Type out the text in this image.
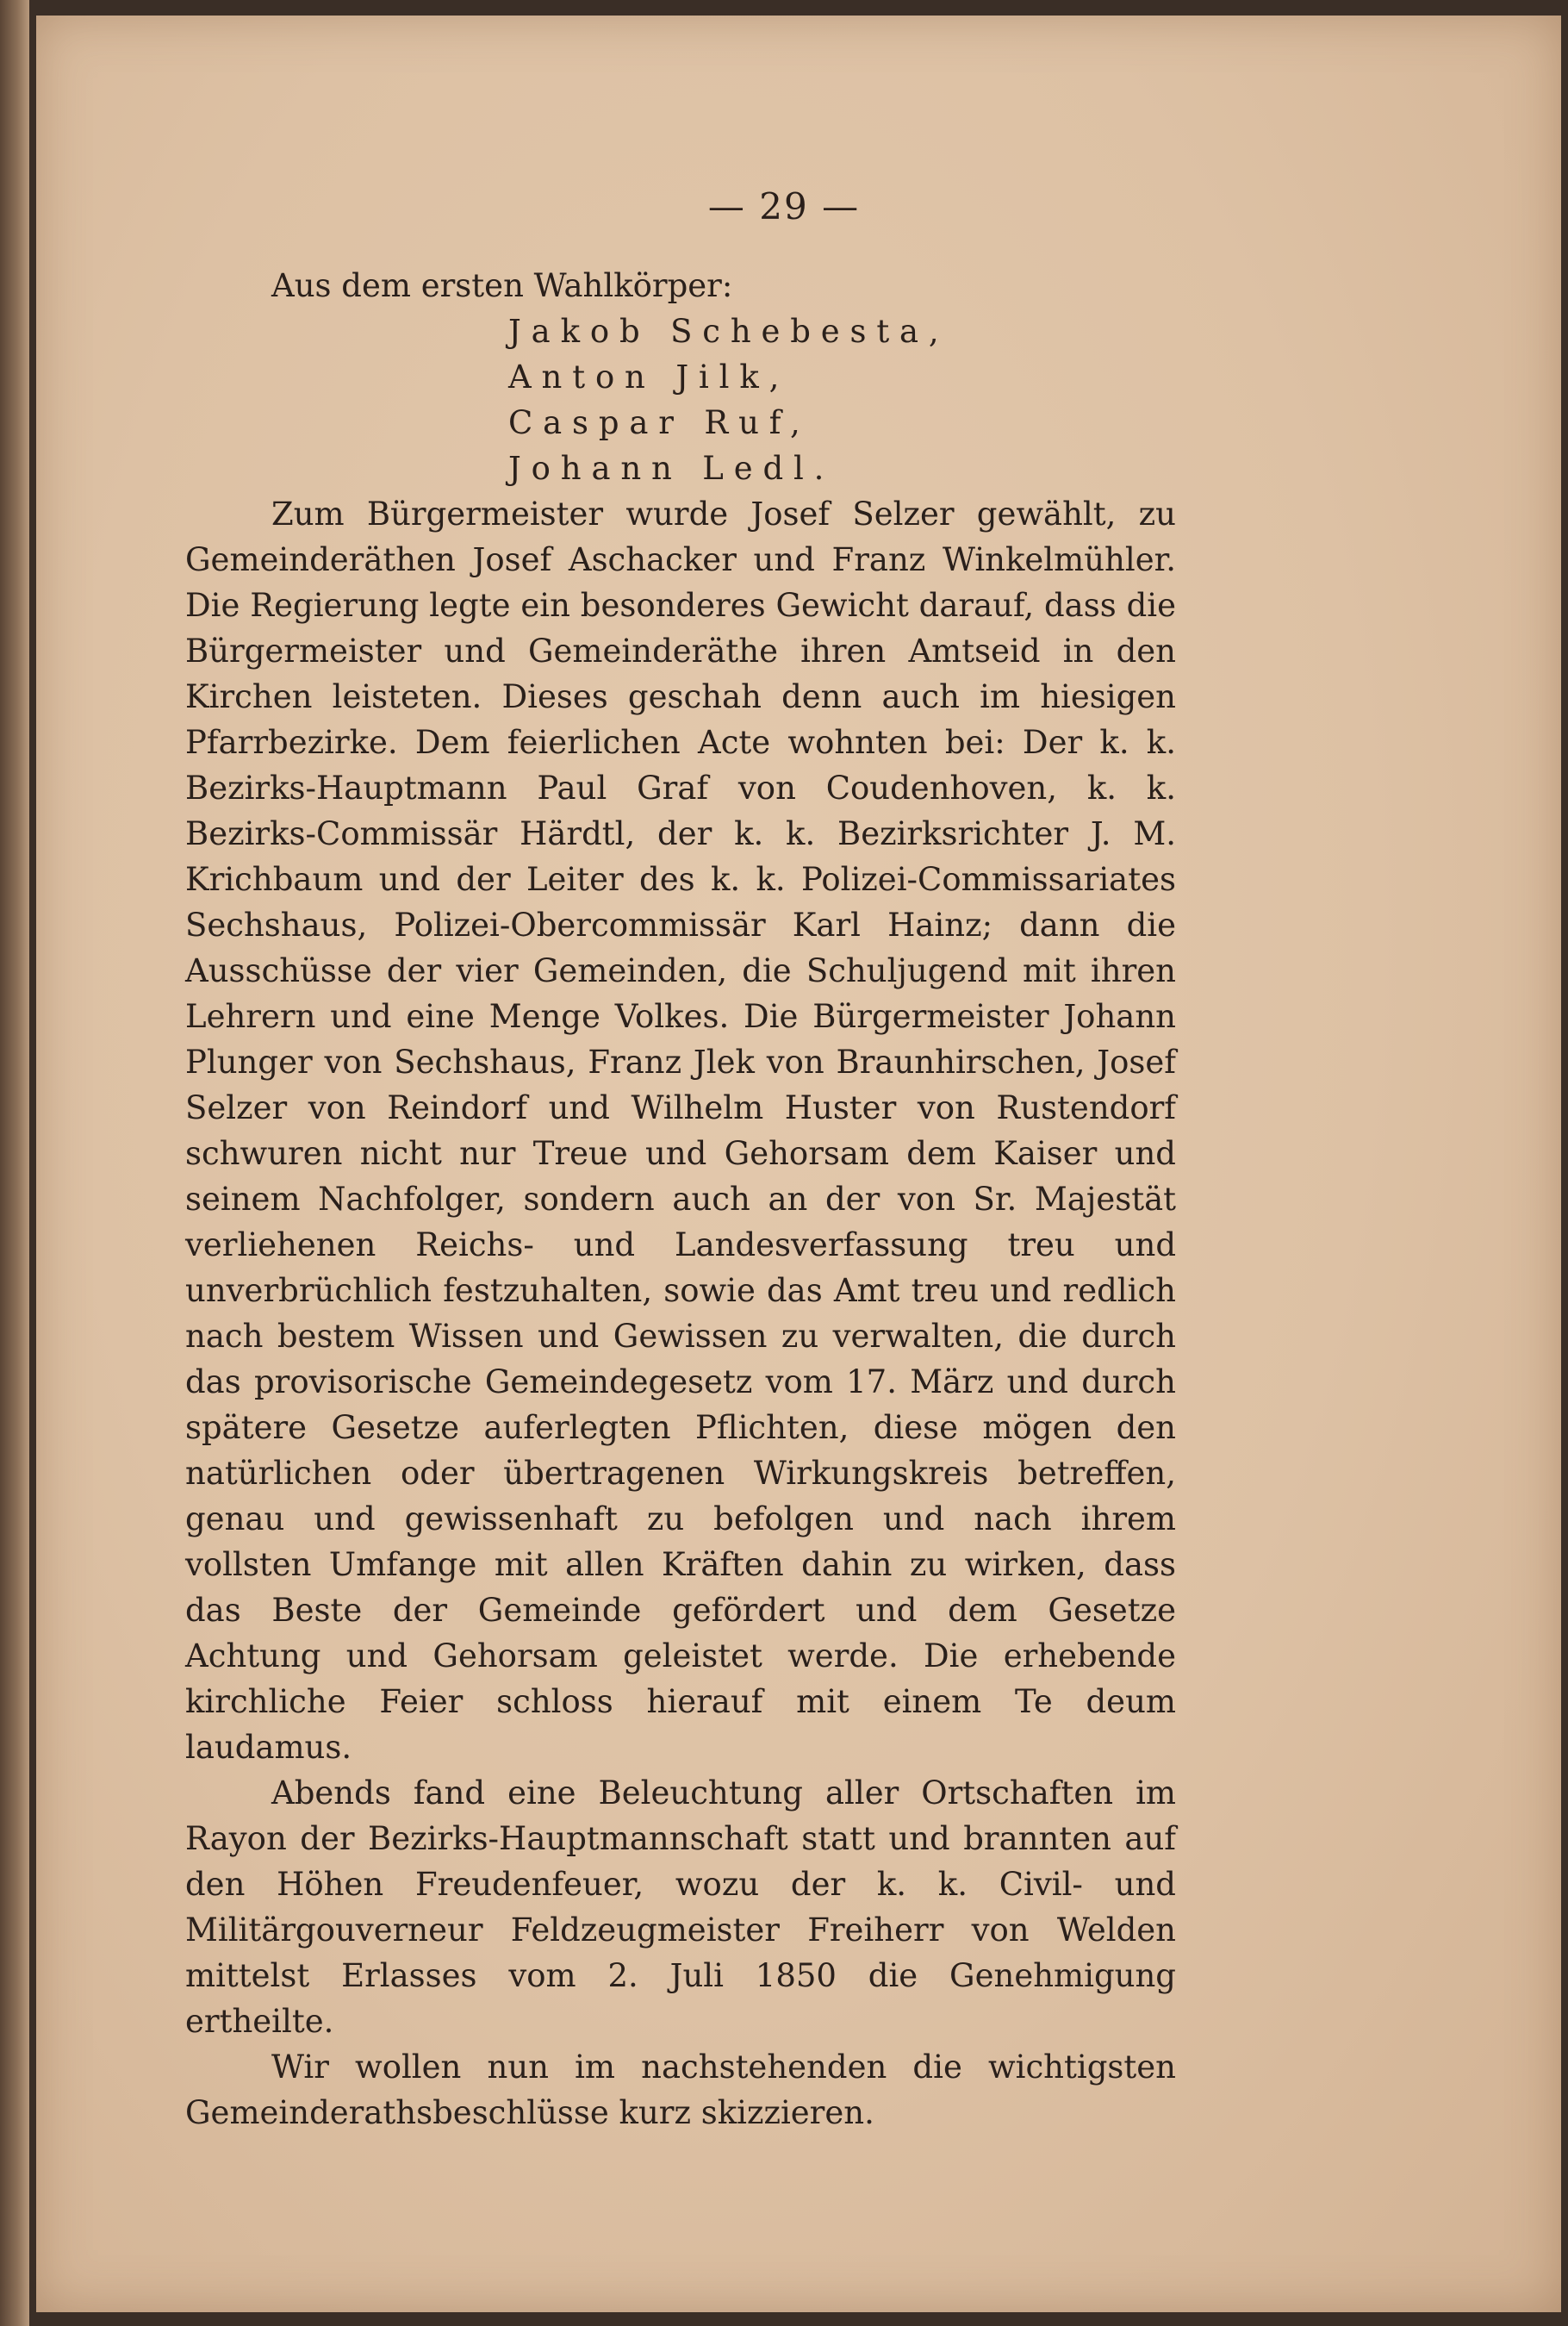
— 29 —
Aus dem ersten Wahlkörper:
Jakob Schebesta,
Anton Jilk,
Caspar Ruf,
Johann Ledl.

Zum Bürgermeister wurde Josef Selzer gewählt, zu Gemeinderäthen Josef Aschacker und Franz Winkelmühler. Die Regierung legte ein besonderes Gewicht darauf, dass die Bürgermeister und Gemeinderäthe ihren Amtseid in den Kirchen leisteten. Dieses geschah denn auch im hiesigen Pfarrbezirke. Dem feierlichen Acte wohnten bei: Der k. k. Bezirks-Hauptmann Paul Graf von Coudenhoven, k. k. Bezirks-Commissär Härdtl, der k. k. Bezirksrichter J. M. Krichbaum und der Leiter des k. k. Polizei-Commissariates Sechshaus, Polizei-Obercommissär Karl Hainz; dann die Ausschüsse der vier Gemeinden, die Schuljugend mit ihren Lehrern und eine Menge Volkes. Die Bürgermeister Johann Plunger von Sechshaus, Franz Jlek von Braunhirschen, Josef Selzer von Reindorf und Wilhelm Huster von Rustendorf schwuren nicht nur Treue und Gehorsam dem Kaiser und seinem Nachfolger, sondern auch an der von Sr. Majestät verliehenen Reichs- und Landesverfassung treu und unverbrüchlich festzuhalten, sowie das Amt treu und redlich nach bestem Wissen und Gewissen zu verwalten, die durch das provisorische Gemeindegesetz vom 17. März und durch spätere Gesetze auferlegten Pflichten, diese mögen den natürlichen oder übertragenen Wirkungskreis betreffen, genau und gewissenhaft zu befolgen und nach ihrem vollsten Umfange mit allen Kräften dahin zu wirken, dass das Beste der Gemeinde gefördert und dem Gesetze Achtung und Gehorsam geleistet werde. Die erhebende kirchliche Feier schloss hierauf mit einem Te deum laudamus.

Abends fand eine Beleuchtung aller Ortschaften im Rayon der Bezirks-Hauptmannschaft statt und brannten auf den Höhen Freudenfeuer, wozu der k. k. Civil- und Militärgouverneur Feldzeugmeister Freiherr von Welden mittelst Erlasses vom 2. Juli 1850 die Genehmigung ertheilte.

Wir wollen nun im nachstehenden die wichtigsten Gemeinderathsbeschlüsse kurz skizzieren.
